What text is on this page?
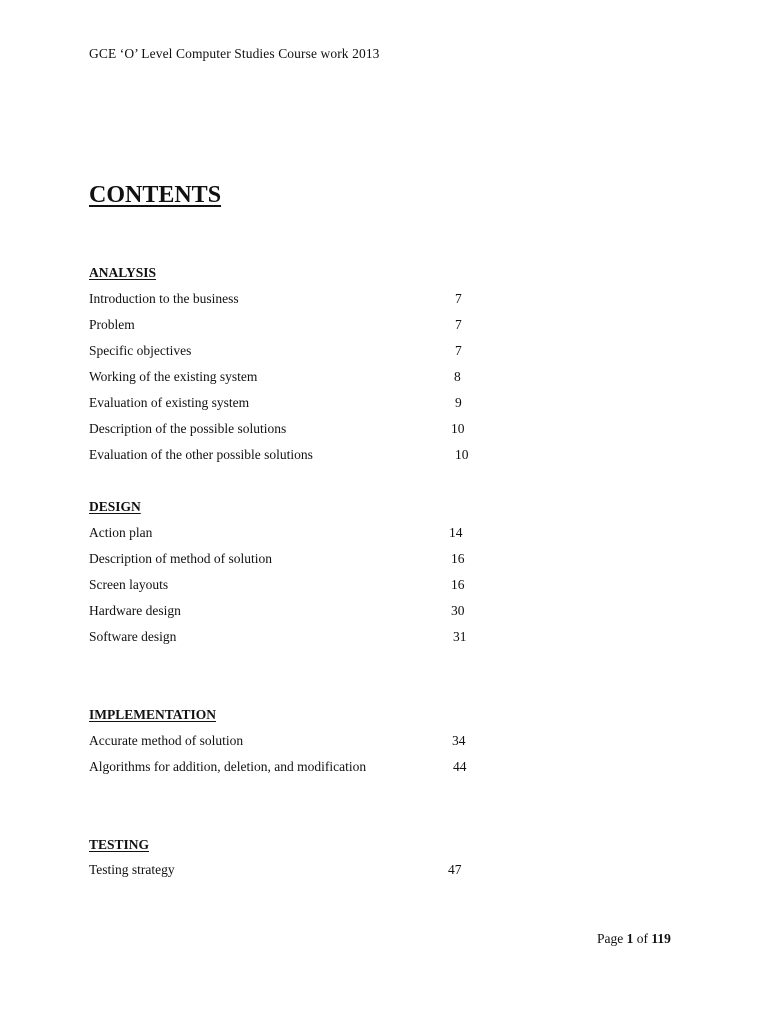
GCE ‘O’ Level Computer Studies Course work 2013
CONTENTS
ANALYSIS
Introduction to the business	7
Problem	7
Specific objectives	7
Working of the existing system	8
Evaluation of existing system	9
Description of the possible solutions	10
Evaluation of the other possible solutions	10
DESIGN
Action plan	14
Description of method of solution	16
Screen layouts	16
Hardware design	30
Software design	31
IMPLEMENTATION
Accurate method of solution	34
Algorithms for addition, deletion, and modification	44
TESTING
Testing strategy	47
Page 1 of 119
